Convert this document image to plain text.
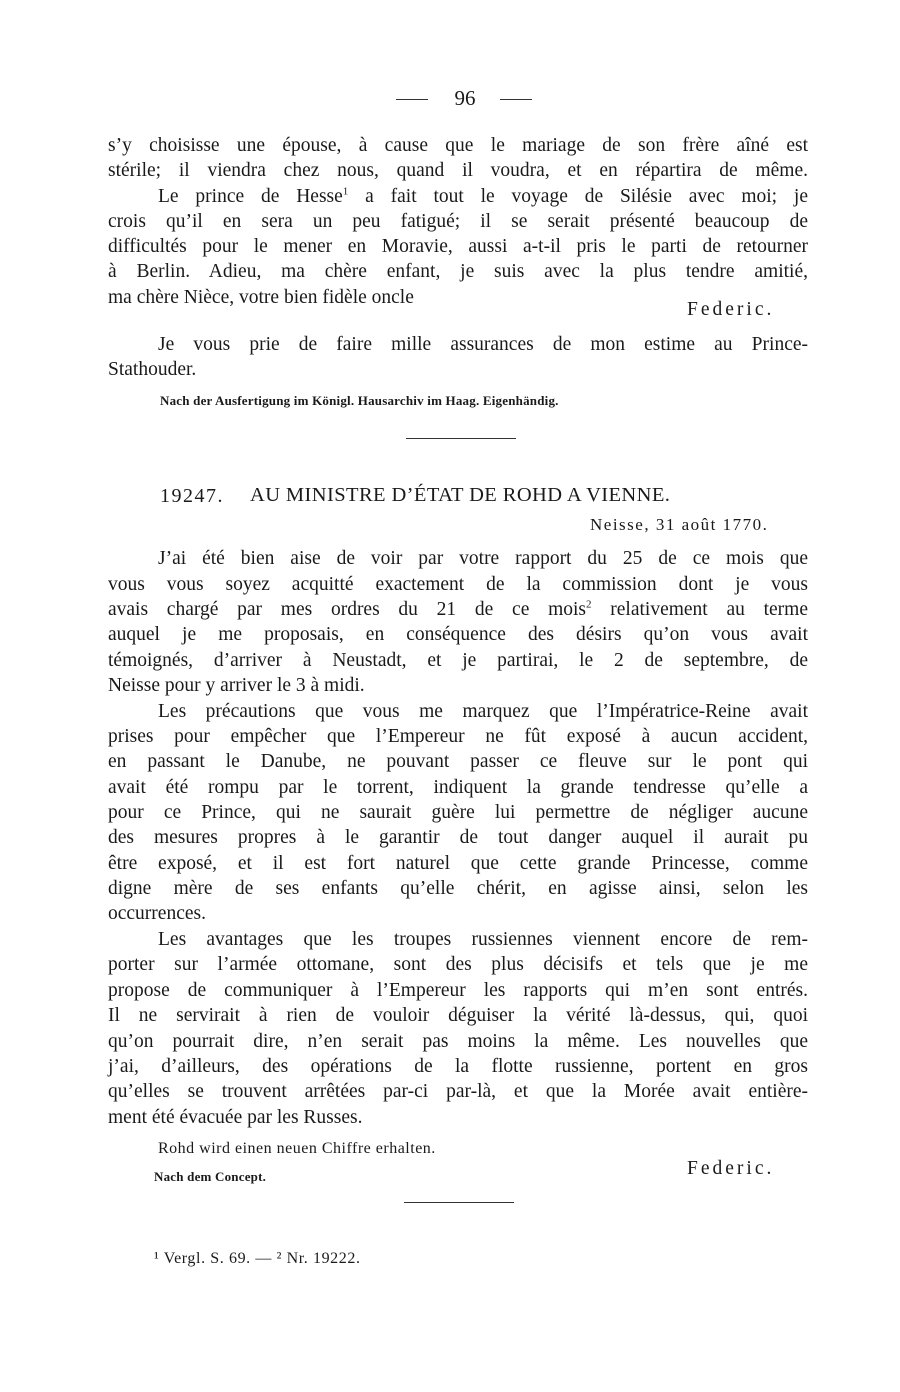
96
s’y choisisse une épouse, à cause que le mariage de son frère aîné est
stérile; il viendra chez nous, quand il voudra, et en répartira de même.
Le prince de Hesse$^1$ a fait tout le voyage de Silésie avec moi; je
crois qu’il en sera un peu fatigué; il se serait présenté beaucoup de
difficultés pour le mener en Moravie, aussi a-t-il pris le parti de retourner
à Berlin. Adieu, ma chère enfant, je suis avec la plus tendre amitié,
ma chère Nièce, votre bien fidèle oncle
Federic.
Je vous prie de faire mille assurances de mon estime au Prince-
Stathouder.
Nach der Ausfertigung im Königl. Hausarchiv im Haag. Eigenhändig.
19247. AU MINISTRE D’ÉTAT DE ROHD A VIENNE.
Neisse, 31 août 1770.
J’ai été bien aise de voir par votre rapport du 25 de ce mois que
vous vous soyez acquitté exactement de la commission dont je vous
avais chargé par mes ordres du 21 de ce mois$^2$ relativement au terme
auquel je me proposais, en conséquence des désirs qu’on vous avait
témoignés, d’arriver à Neustadt, et je partirai, le 2 de septembre, de
Neisse pour y arriver le 3 à midi.
Les précautions que vous me marquez que l’Impératrice-Reine avait
prises pour empêcher que l’Empereur ne fût exposé à aucun accident,
en passant le Danube, ne pouvant passer ce fleuve sur le pont qui
avait été rompu par le torrent, indiquent la grande tendresse qu’elle a
pour ce Prince, qui ne saurait guère lui permettre de négliger aucune
des mesures propres à le garantir de tout danger auquel il aurait pu
être exposé, et il est fort naturel que cette grande Princesse, comme
digne mère de ses enfants qu’elle chérit, en agisse ainsi, selon les
occurrences.
Les avantages que les troupes russiennes viennent encore de rem-
porter sur l’armée ottomane, sont des plus décisifs et tels que je me
propose de communiquer à l’Empereur les rapports qui m’en sont entrés.
Il ne servirait à rien de vouloir déguiser la vérité là-dessus, qui, quoi
qu’on pourrait dire, n’en serait pas moins la même. Les nouvelles que
j’ai, d’ailleurs, des opérations de la flotte russienne, portent en gros
qu’elles se trouvent arrêtées par-ci par-là, et que la Morée avait entière-
ment été évacuée par les Russes.
Rohd wird einen neuen Chiffre erhalten.
Nach dem Concept.	Federic.
¹ Vergl. S. 69. — ² Nr. 19222.
